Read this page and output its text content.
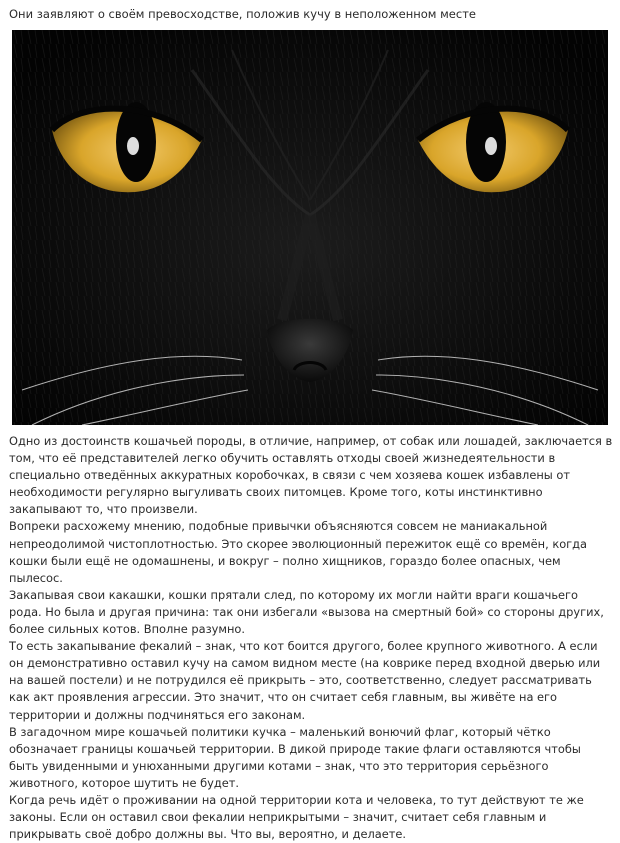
Они заявляют о своём превосходстве, положив кучу в неположенном месте

Одно из достоинств кошачьей породы, в отличие, например, от собак или лошадей, заключается в том, что её представителей легко обучить оставлять отходы своей жизнедеятельности в специально отведённых аккуратных коробочках, в связи с чем хозяева кошек избавлены от необходимости регулярно выгуливать своих питомцев. Кроме того, коты инстинктивно закапывают то, что произвели.

Вопреки расхожему мнению, подобные привычки объясняются совсем не маниакальной непреодолимой чистоплотностью. Это скорее эволюционный пережиток ещё со времён, когда кошки были ещё не одомашнены, и вокруг – полно хищников, гораздо более опасных, чем пылесос.

Закапывая свои какашки, кошки прятали след, по которому их могли найти враги кошачьего рода. Но была и другая причина: так они избегали «вызова на смертный бой» со стороны других, более сильных котов. Вполне разумно.

То есть закапывание фекалий – знак, что кот боится другого, более крупного животного. А если он демонстративно оставил кучу на самом видном месте (на коврике перед входной дверью или на вашей постели) и не потрудился её прикрыть – это, соответственно, следует рассматривать как акт проявления агрессии. Это значит, что он считает себя главным, вы живёте на его территории и должны подчиняться его законам.

В загадочном мире кошачьей политики кучка – маленький вонючий флаг, который чётко обозначает границы кошачьей территории. В дикой природе такие флаги оставляются чтобы быть увиденными и унюханными другими котами – знак, что это территория серьёзного животного, которое шутить не будет.

Когда речь идёт о проживании на одной территории кота и человека, то тут действуют те же законы. Если он оставил свои фекалии неприкрытыми – значит, считает себя главным и прикрывать своё добро должны вы. Что вы, вероятно, и делаете.
